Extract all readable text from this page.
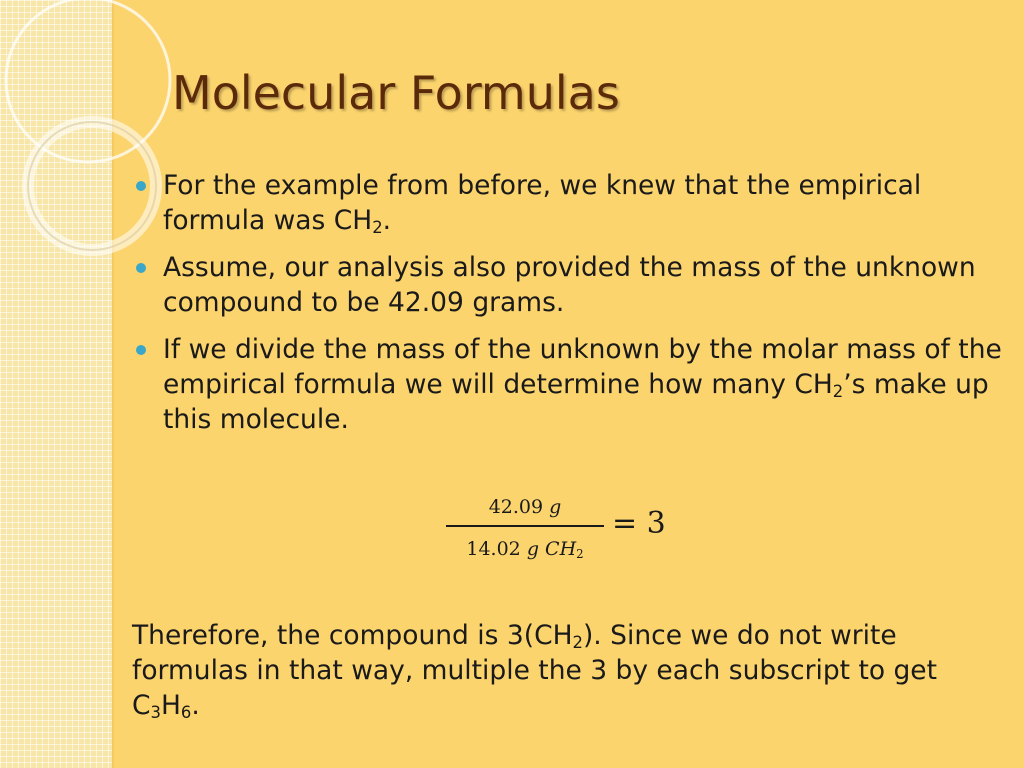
Molecular Formulas
For the example from before, we knew that the empirical formula was $CH_2$.
Assume, our analysis also provided the mass of the unknown compound to be 42.09 grams.
If we divide the mass of the unknown by the molar mass of the empirical formula we will determine how many $CH_2’s$ make up this molecule.
42.09 g
14.02 g $CH_2$
= 3

Therefore, the compound is $3(CH_2)$. Since we do not write formulas in that way, multiple the 3 by each subscript to get $C_3H_6$.
